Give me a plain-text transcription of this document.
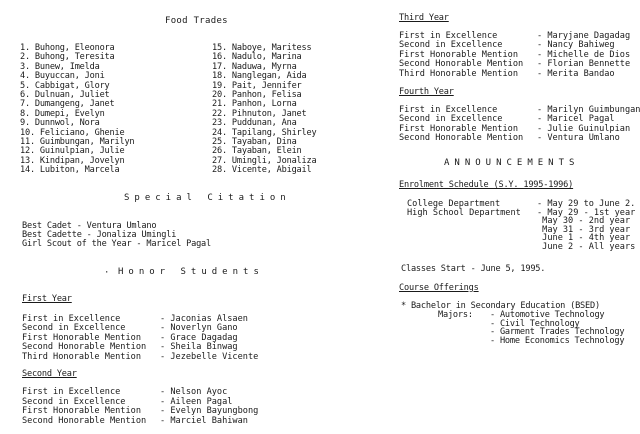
Food Trades
1. Buhong, Eleonora
2. Buhong, Teresita
3. Bunew, Imelda
4. Buyuccan, Joni
5. Cabbigat, Glory
6. Dulnuan, Juliet
7. Dumangeng, Janet
8. Dumepi, Evelyn
9. Dunnwol, Nora
10. Feliciano, Ghenie
11. Guimbungan, Marilyn
12. Guinulpian, Julie
13. Kindipan, Jovelyn
14. Lubiton, Marcela
15. Naboye, Maritess
16. Nadulo, Marina
17. Naduwa, Myrna
18. Nanglegan, Aida
19. Pait, Jennifer
20. Panhon, Felisa
21. Panhon, Lorna
22. Pihnuton, Janet
23. Puddunan, Ana
24. Tapilang, Shirley
25. Tayaban, Dina
26. Tayaban, Elein
27. Umingli, Jonaliza
28. Vicente, Abigail
Special Citation
Best Cadet - Ventura Umlano
Best Cadette - Jonaliza Umingli
Girl Scout of the Year - Maricel Pagal
· Honor Students
First Year
First in Excellence	- Jaconias Alsaen
Second in Excellence	- Noverlyn Gano
First Honorable Mention - Grace Dagadag
Second Honorable Mention - Sheila Binwag
Third Honorable Mention - Jezebelle Vicente
Second Year
First in Excellence	- Nelson Ayoc
Second in Excellence	- Aileen Pagal
First Honorable Mention - Evelyn Bayungbong
Second Honorable Mention - Marciel Bahiwan
Third Year
First in Excellence	- Maryjane Dagadag
Second in Excellence	- Nancy Bahiweg
First Honorable Mention - Michelle de Dios
Second Honorable Mention - Florian Bennette
Third Honorable Mention - Merita Bandao
Fourth Year
First in Excellence	- Marilyn Guimbungan
Second in Excellence	- Maricel Pagal
First Honorable Mention - Julie Guinulpian
Second Honorable Mention - Ventura Umlano
ANNOUNCEMENTS
Enrolment Schedule (S.Y. 1995-1996)
College Department	- May 29 to June 2.
High School Department - May 29 - 1st year
May 30 - 2nd year
May 31 - 3rd year
June 1 - 4th year
June 2 - All years
Classes Start - June 5, 1995.
Course Offerings
* Bachelor in Secondary Education (BSED)
Majors: - Automotive Technology
- Civil Technology
- Garment Trades Technology
- Home Economics Technology
